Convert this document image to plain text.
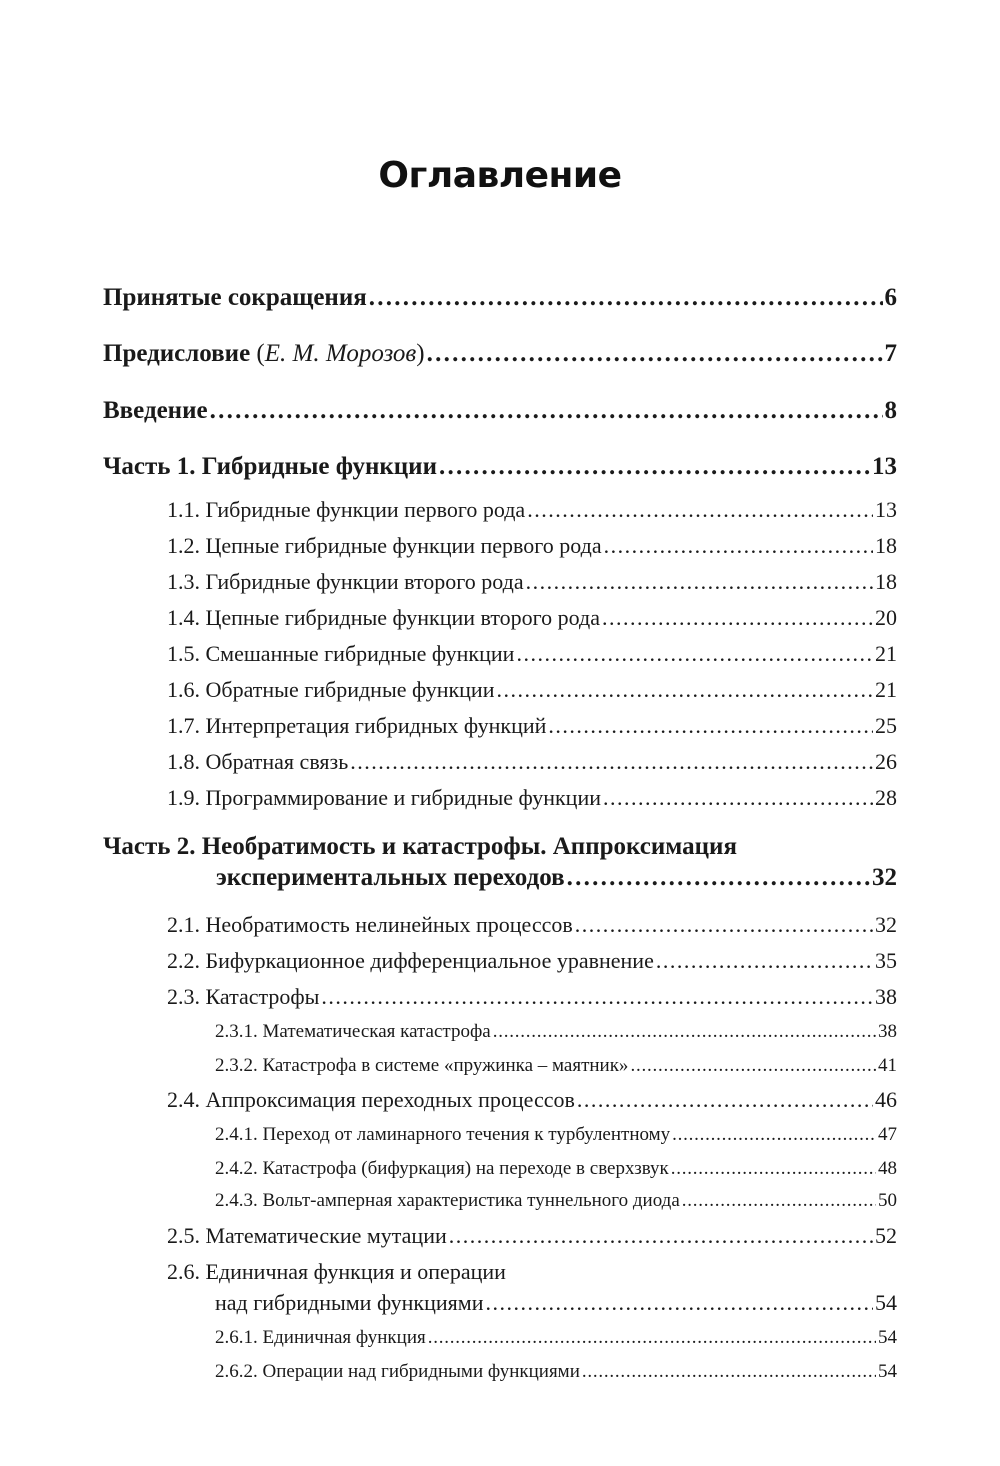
Оглавление
Принятые сокращения . . .	6
Предисловие (Е. М. Морозов) . . .	7
Введение . . .	8
Часть 1. Гибридные функции . . .	13
1.1. Гибридные функции первого рода . . .	13
1.2. Цепные гибридные функции первого рода . . .	18
1.3. Гибридные функции второго рода . . .	18
1.4. Цепные гибридные функции второго рода . . .	20
1.5. Смешанные гибридные функции . . .	21
1.6. Обратные гибридные функции . . .	21
1.7. Интерпретация гибридных функций . . .	25
1.8. Обратная связь . . .	26
1.9. Программирование и гибридные функции . . .	28
Часть 2. Необратимость и катастрофы. Аппроксимация
экспериментальных переходов . . .	32
2.1. Необратимость нелинейных процессов . . .	32
2.2. Бифуркационное дифференциальное уравнение . . .	35
2.3. Катастрофы . . .	38
2.3.1. Математическая катастрофа . . .	38
2.3.2. Катастрофа в системе «пружинка – маятник» . . .	41
2.4. Аппроксимация переходных процессов . . .	46
2.4.1. Переход от ламинарного течения к турбулентному . . .	47
2.4.2. Катастрофа (бифуркация) на переходе в сверхзвук . . .	48
2.4.3. Вольт-амперная характеристика туннельного диода . . .	50
2.5. Математические мутации . . .	52
2.6. Единичная функция и операции
над гибридными функциями . . .	54
2.6.1. Единичная функция . . .	54
2.6.2. Операции над гибридными функциями . . .	54
